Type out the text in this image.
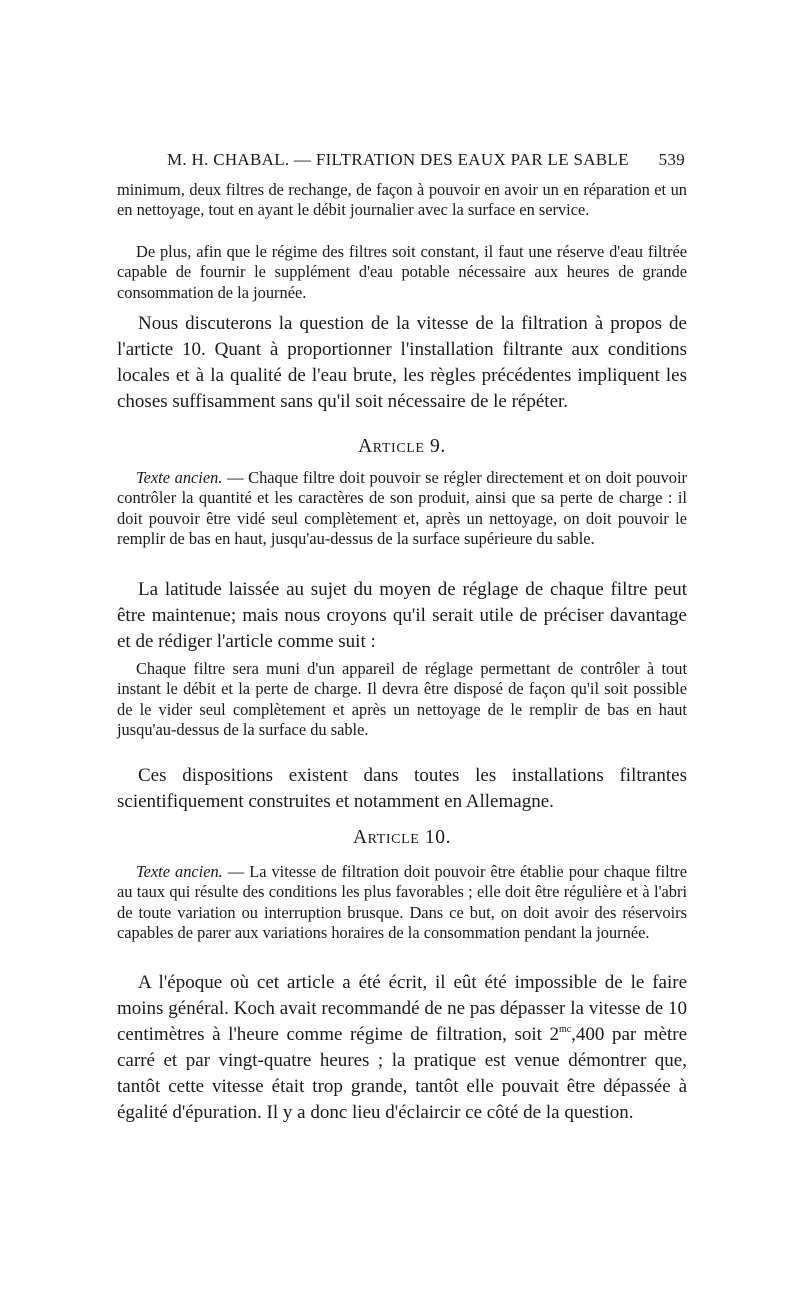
M. H. CHABAL. — FILTRATION DES EAUX PAR LE SABLE 539

minimum, deux filtres de rechange, de façon à pouvoir en avoir un en réparation et un en nettoyage, tout en ayant le débit journalier avec la surface en service.

De plus, afin que le régime des filtres soit constant, il faut une réserve d'eau filtrée capable de fournir le supplément d'eau potable nécessaire aux heures de grande consommation de la journée.

Nous discuterons la question de la vitesse de la filtration à propos de l'articte 10. Quant à proportionner l'installation filtrante aux conditions locales et à la qualité de l'eau brute, les règles précédentes impliquent les choses suffisamment sans qu'il soit nécessaire de le répéter.

Article 9.

Texte ancien. — Chaque filtre doit pouvoir se régler directement et on doit pouvoir contrôler la quantité et les caractères de son produit, ainsi que sa perte de charge : il doit pouvoir être vidé seul complètement et, après un nettoyage, on doit pouvoir le remplir de bas en haut, jusqu'au-dessus de la surface supérieure du sable.

La latitude laissée au sujet du moyen de réglage de chaque filtre peut être maintenue; mais nous croyons qu'il serait utile de préciser davantage et de rédiger l'article comme suit :

Chaque filtre sera muni d'un appareil de réglage permettant de contrôler à tout instant le débit et la perte de charge. Il devra être disposé de façon qu'il soit possible de le vider seul complètement et après un nettoyage de le remplir de bas en haut jusqu'au-dessus de la surface du sable.

Ces dispositions existent dans toutes les installations filtrantes scientifiquement construites et notamment en Allemagne.

Article 10.

Texte ancien. — La vitesse de filtration doit pouvoir être établie pour chaque filtre au taux qui résulte des conditions les plus favorables ; elle doit être régulière et à l'abri de toute variation ou interruption brusque. Dans ce but, on doit avoir des réservoirs capables de parer aux variations horaires de la consommation pendant la journée.

A l'époque où cet article a été écrit, il eût été impossible de le faire moins général. Koch avait recommandé de ne pas dépasser la vitesse de 10 centimètres à l'heure comme régime de filtration, soit $2^{mc},400$ par mètre carré et par vingt-quatre heures ; la pratique est venue démontrer que, tantôt cette vitesse était trop grande, tantôt elle pouvait être dépassée à égalité d'épuration. Il y a donc lieu d'éclaircir ce côté de la question.
